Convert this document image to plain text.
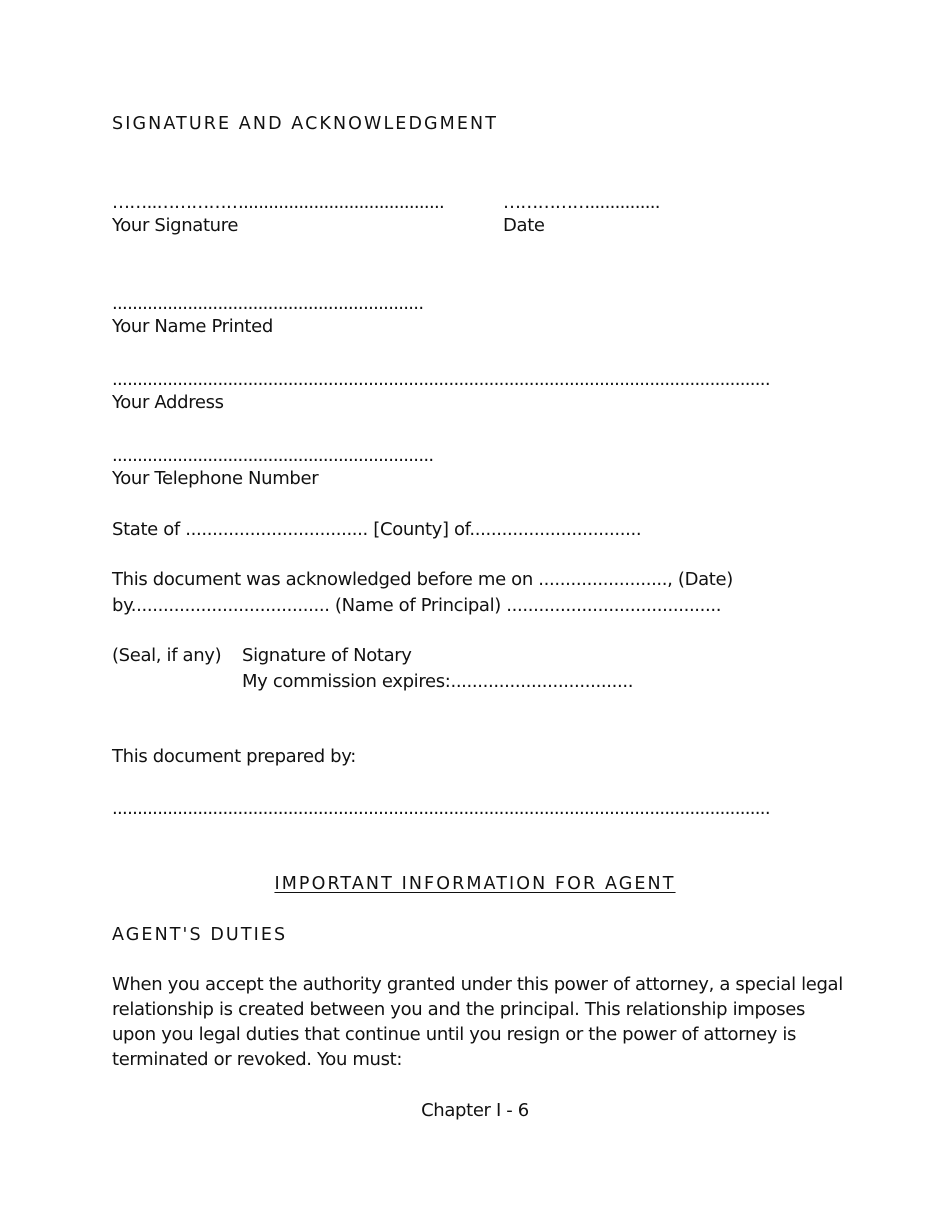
SIGNATURE AND ACKNOWLEDGMENT
……..……………........................................
Your Signature
……………..............
Date
..............................................................
Your Name Printed
...................................................................................................................................
Your Address
................................................................
Your Telephone Number
State of .................................. [County] of................................
This document was acknowledged before me on ........................, (Date)
by..................................... (Name of Principal) ........................................
(Seal, if any) Signature of Notary
My commission expires:..................................
This document prepared by:
...................................................................................................................................
IMPORTANT INFORMATION FOR AGENT
AGENT'S DUTIES
When you accept the authority granted under this power of attorney, a special legal
relationship is created between you and the principal. This relationship imposes
upon you legal duties that continue until you resign or the power of attorney is
terminated or revoked. You must:
Chapter I - 6
